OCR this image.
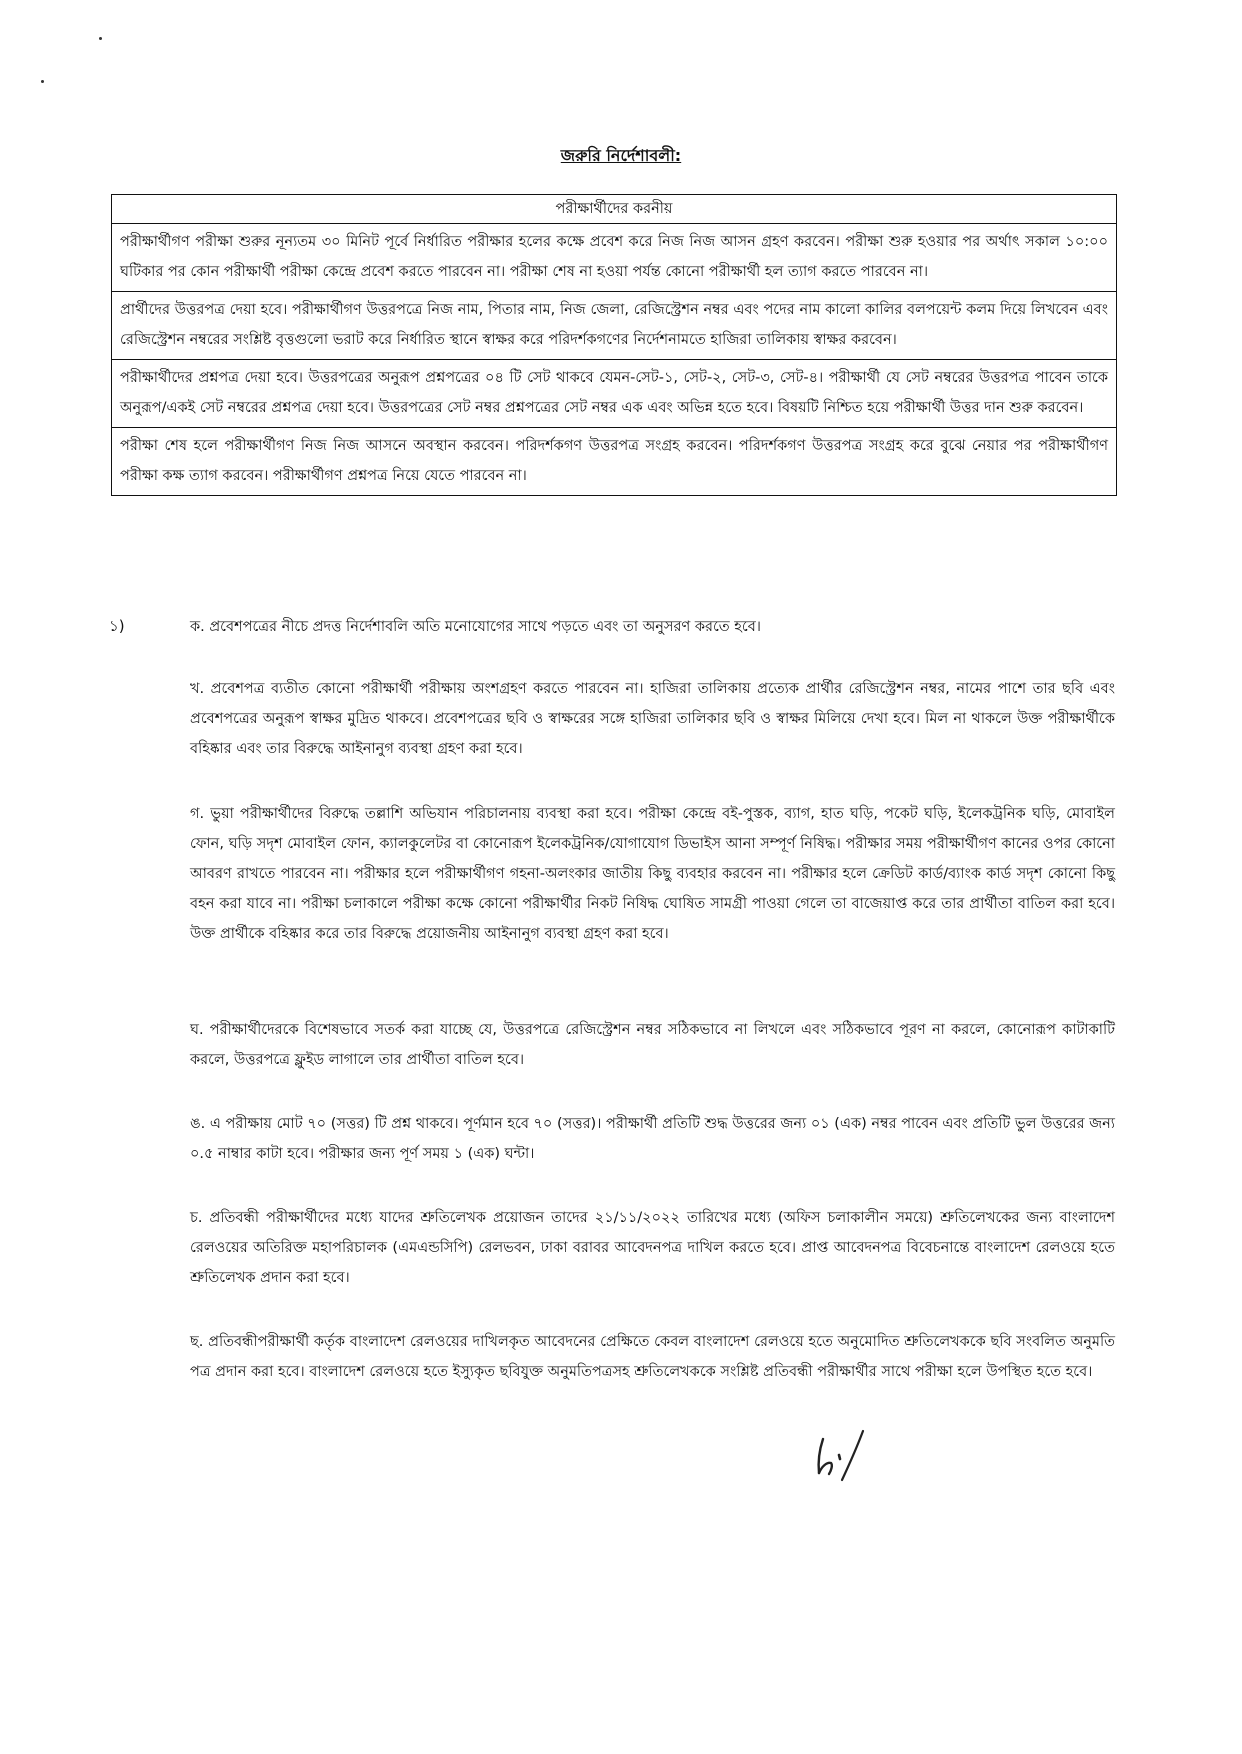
জরুরি নির্দেশাবলী:
পরীক্ষার্থীদের করনীয়
পরীক্ষার্থীগণ পরীক্ষা শুরুর নূন্যতম ৩০ মিনিট পূর্বে নির্ধারিত পরীক্ষার হলের কক্ষে প্রবেশ করে নিজ নিজ আসন গ্রহণ করবেন। পরীক্ষা শুরু হওয়ার পর অর্থাৎ সকাল ১০:০০ ঘটিকার পর কোন পরীক্ষার্থী পরীক্ষা কেন্দ্রে প্রবেশ করতে পারবেন না। পরীক্ষা শেষ না হওয়া পর্যন্ত কোনো পরীক্ষার্থী হল ত্যাগ করতে পারবেন না।
প্রার্থীদের উত্তরপত্র দেয়া হবে। পরীক্ষার্থীগণ উত্তরপত্রে নিজ নাম, পিতার নাম, নিজ জেলা, রেজিস্ট্রেশন নম্বর এবং পদের নাম কালো কালির বলপয়েন্ট কলম দিয়ে লিখবেন এবং রেজিস্ট্রেশন নম্বরের সংশ্লিষ্ট বৃত্তগুলো ভরাট করে নির্ধারিত স্থানে স্বাক্ষর করে পরিদর্শকগণের নির্দেশনামতে হাজিরা তালিকায় স্বাক্ষর করবেন।
পরীক্ষার্থীদের প্রশ্নপত্র দেয়া হবে। উত্তরপত্রের অনুরূপ প্রশ্নপত্রের ০৪ টি সেট থাকবে যেমন-সেট-১, সেট-২, সেট-৩, সেট-৪। পরীক্ষার্থী যে সেট নম্বরের উত্তরপত্র পাবেন তাকে অনুরূপ/একই সেট নম্বরের প্রশ্নপত্র দেয়া হবে। উত্তরপত্রের সেট নম্বর প্রশ্নপত্রের সেট নম্বর এক এবং অভিন্ন হতে হবে। বিষয়টি নিশ্চিত হয়ে পরীক্ষার্থী উত্তর দান শুরু করবেন।
পরীক্ষা শেষ হলে পরীক্ষার্থীগণ নিজ নিজ আসনে অবস্থান করবেন। পরিদর্শকগণ উত্তরপত্র সংগ্রহ করবেন। পরিদর্শকগণ উত্তরপত্র সংগ্রহ করে বুঝে নেয়ার পর পরীক্ষার্থীগণ পরীক্ষা কক্ষ ত্যাগ করবেন। পরীক্ষার্থীগণ প্রশ্নপত্র নিয়ে যেতে পারবেন না।
১)	ক. প্রবেশপত্রের নীচে প্রদত্ত নির্দেশাবলি অতি মনোযোগের সাথে পড়তে এবং তা অনুসরণ করতে হবে।
খ. প্রবেশপত্র ব্যতীত কোনো পরীক্ষার্থী পরীক্ষায় অংশগ্রহণ করতে পারবেন না। হাজিরা তালিকায় প্রত্যেক প্রার্থীর রেজিস্ট্রেশন নম্বর, নামের পাশে তার ছবি এবং প্রবেশপত্রের অনুরূপ স্বাক্ষর মুদ্রিত থাকবে। প্রবেশপত্রের ছবি ও স্বাক্ষরের সঙ্গে হাজিরা তালিকার ছবি ও স্বাক্ষর মিলিয়ে দেখা হবে। মিল না থাকলে উক্ত পরীক্ষার্থীকে বহিষ্কার এবং তার বিরুদ্ধে আইনানুগ ব্যবস্থা গ্রহণ করা হবে।
গ. ভুয়া পরীক্ষার্থীদের বিরুদ্ধে তল্লাশি অভিযান পরিচালনায় ব্যবস্থা করা হবে। পরীক্ষা কেন্দ্রে বই-পুস্তক, ব্যাগ, হাত ঘড়ি, পকেট ঘড়ি, ইলেকট্রনিক ঘড়ি, মোবাইল ফোন, ঘড়ি সদৃশ মোবাইল ফোন, ক্যালকুলেটর বা কোনোরূপ ইলেকট্রনিক/যোগাযোগ ডিভাইস আনা সম্পূর্ণ নিষিদ্ধ। পরীক্ষার সময় পরীক্ষার্থীগণ কানের ওপর কোনো আবরণ রাখতে পারবেন না। পরীক্ষার হলে পরীক্ষার্থীগণ গহনা-অলংকার জাতীয় কিছু ব্যবহার করবেন না। পরীক্ষার হলে ক্রেডিট কার্ড/ব্যাংক কার্ড সদৃশ কোনো কিছু বহন করা যাবে না। পরীক্ষা চলাকালে পরীক্ষা কক্ষে কোনো পরীক্ষার্থীর নিকট নিষিদ্ধ ঘোষিত সামগ্রী পাওয়া গেলে তা বাজেয়াপ্ত করে তার প্রার্থীতা বাতিল করা হবে। উক্ত প্রার্থীকে বহিষ্কার করে তার বিরুদ্ধে প্রয়োজনীয় আইনানুগ ব্যবস্থা গ্রহণ করা হবে।
ঘ. পরীক্ষার্থীদেরকে বিশেষভাবে সতর্ক করা যাচ্ছে যে, উত্তরপত্রে রেজিস্ট্রেশন নম্বর সঠিকভাবে না লিখলে এবং সঠিকভাবে পূরণ না করলে, কোনোরূপ কাটাকাটি করলে, উত্তরপত্রে ফ্লুইড লাগালে তার প্রার্থীতা বাতিল হবে।
ঙ. এ পরীক্ষায় মোট ৭০ (সত্তর) টি প্রশ্ন থাকবে। পূর্ণমান হবে ৭০ (সত্তর)। পরীক্ষার্থী প্রতিটি শুদ্ধ উত্তরের জন্য ০১ (এক) নম্বর পাবেন এবং প্রতিটি ভুল উত্তরের জন্য ০.৫ নাম্বার কাটা হবে। পরীক্ষার জন্য পূর্ণ সময় ১ (এক) ঘন্টা।
চ. প্রতিবন্ধী পরীক্ষার্থীদের মধ্যে যাদের শ্রুতিলেখক প্রয়োজন তাদের ২১/১১/২০২২ তারিখের মধ্যে (অফিস চলাকালীন সময়ে) শ্রুতিলেখকের জন্য বাংলাদেশ রেলওয়ের অতিরিক্ত মহাপরিচালক (এমএন্ডসিপি) রেলভবন, ঢাকা বরাবর আবেদনপত্র দাখিল করতে হবে। প্রাপ্ত আবেদনপত্র বিবেচনান্তে বাংলাদেশ রেলওয়ে হতে শ্রুতিলেখক প্রদান করা হবে।
ছ. প্রতিবন্ধীপরীক্ষার্থী কর্তৃক বাংলাদেশ রেলওয়ের দাখিলকৃত আবেদনের প্রেক্ষিতে কেবল বাংলাদেশ রেলওয়ে হতে অনুমোদিত শ্রুতিলেখককে ছবি সংবলিত অনুমতি পত্র প্রদান করা হবে। বাংলাদেশ রেলওয়ে হতে ইস্যুকৃত ছবিযুক্ত অনুমতিপত্রসহ শ্রুতিলেখককে সংশ্লিষ্ট প্রতিবন্ধী পরীক্ষার্থীর সাথে পরীক্ষা হলে উপস্থিত হতে হবে।
